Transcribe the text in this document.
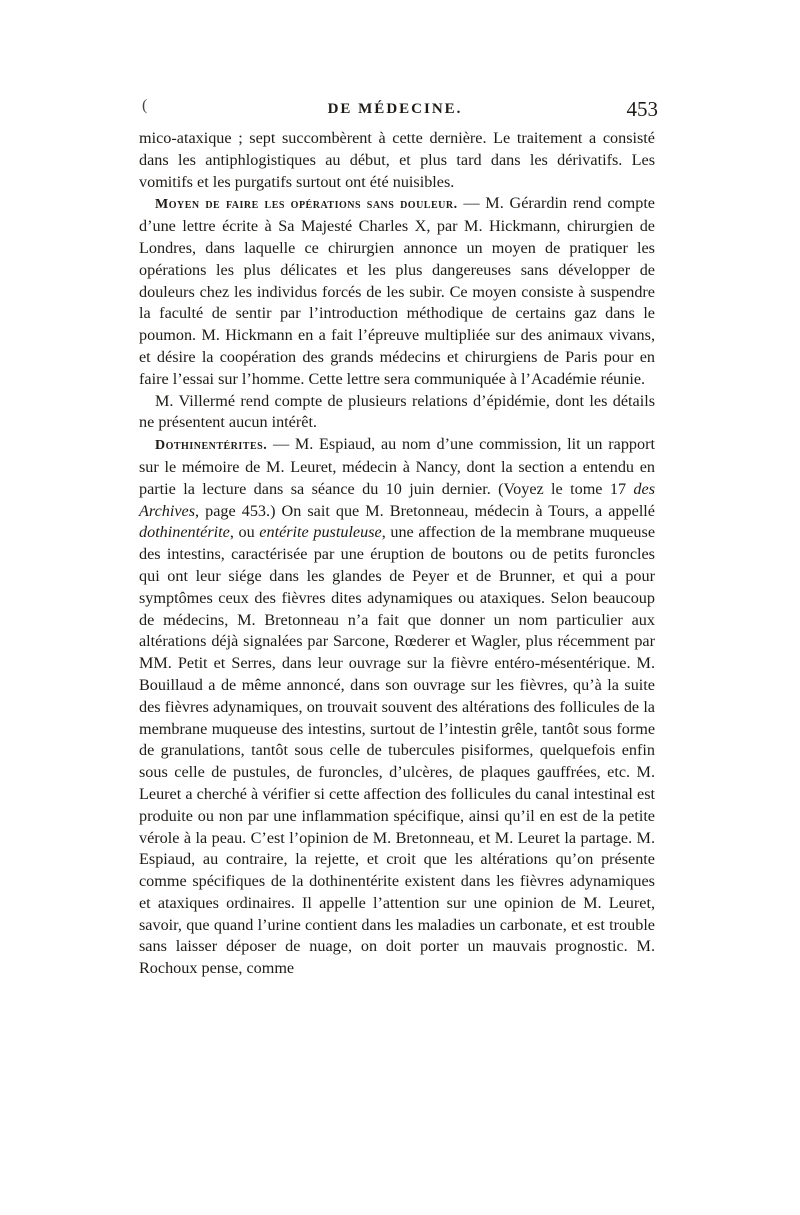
(	DE MÉDECINE.	453

mico-ataxique ; sept succombèrent à cette dernière. Le traitement a consisté dans les antiphlogistiques au début, et plus tard dans les dérivatifs. Les vomitifs et les purgatifs surtout ont été nuisibles.

Moyen de faire les opérations sans douleur. — M. Gérardin rend compte d’une lettre écrite à Sa Majesté Charles X, par M. Hickmann, chirurgien de Londres, dans laquelle ce chirurgien annonce un moyen de pratiquer les opérations les plus délicates et les plus dangereuses sans développer de douleurs chez les individus forcés de les subir. Ce moyen consiste à suspendre la faculté de sentir par l’introduction méthodique de certains gaz dans le poumon. M. Hickmann en a fait l’épreuve multipliée sur des animaux vivans, et désire la coopération des grands médecins et chirurgiens de Paris pour en faire l’essai sur l’homme. Cette lettre sera communiquée à l’Académie réunie.

M. Villermé rend compte de plusieurs relations d’épidémie, dont les détails ne présentent aucun intérêt.

Dothinentérites. — M. Espiaud, au nom d’une commission, lit un rapport sur le mémoire de M. Leuret, médecin à Nancy, dont la section a entendu en partie la lecture dans sa séance du 10 juin dernier. (Voyez le tome 17 des Archives, page 453.) On sait que M. Bretonneau, médecin à Tours, a appellé dothinentérite, ou entérite pustuleuse, une affection de la membrane muqueuse des intestins, caractérisée par une éruption de boutons ou de petits furoncles qui ont leur siége dans les glandes de Peyer et de Brunner, et qui a pour symptômes ceux des fièvres dites adynamiques ou ataxiques. Selon beaucoup de médecins, M. Bretonneau n’a fait que donner un nom particulier aux altérations déjà signalées par Sarcone, Rœderer et Wagler, plus récemment par MM. Petit et Serres, dans leur ouvrage sur la fièvre entéro-mésentérique. M. Bouillaud a de même annoncé, dans son ouvrage sur les fièvres, qu’à la suite des fièvres adynamiques, on trouvait souvent des altérations des follicules de la membrane muqueuse des intestins, surtout de l’intestin grêle, tantôt sous forme de granulations, tantôt sous celle de tubercules pisiformes, quelquefois enfin sous celle de pustules, de furoncles, d’ulcères, de plaques gauffrées, etc. M. Leuret a cherché à vérifier si cette affection des follicules du canal intestinal est produite ou non par une inflammation spécifique, ainsi qu’il en est de la petite vérole à la peau. C’est l’opinion de M. Bretonneau, et M. Leuret la partage. M. Espiaud, au contraire, la rejette, et croit que les altérations qu’on présente comme spécifiques de la dothinentérite existent dans les fièvres adynamiques et ataxiques ordinaires. Il appelle l’attention sur une opinion de M. Leuret, savoir, que quand l’urine contient dans les maladies un carbonate, et est trouble sans laisser déposer de nuage, on doit porter un mauvais prognostic. M. Rochoux pense, comme
